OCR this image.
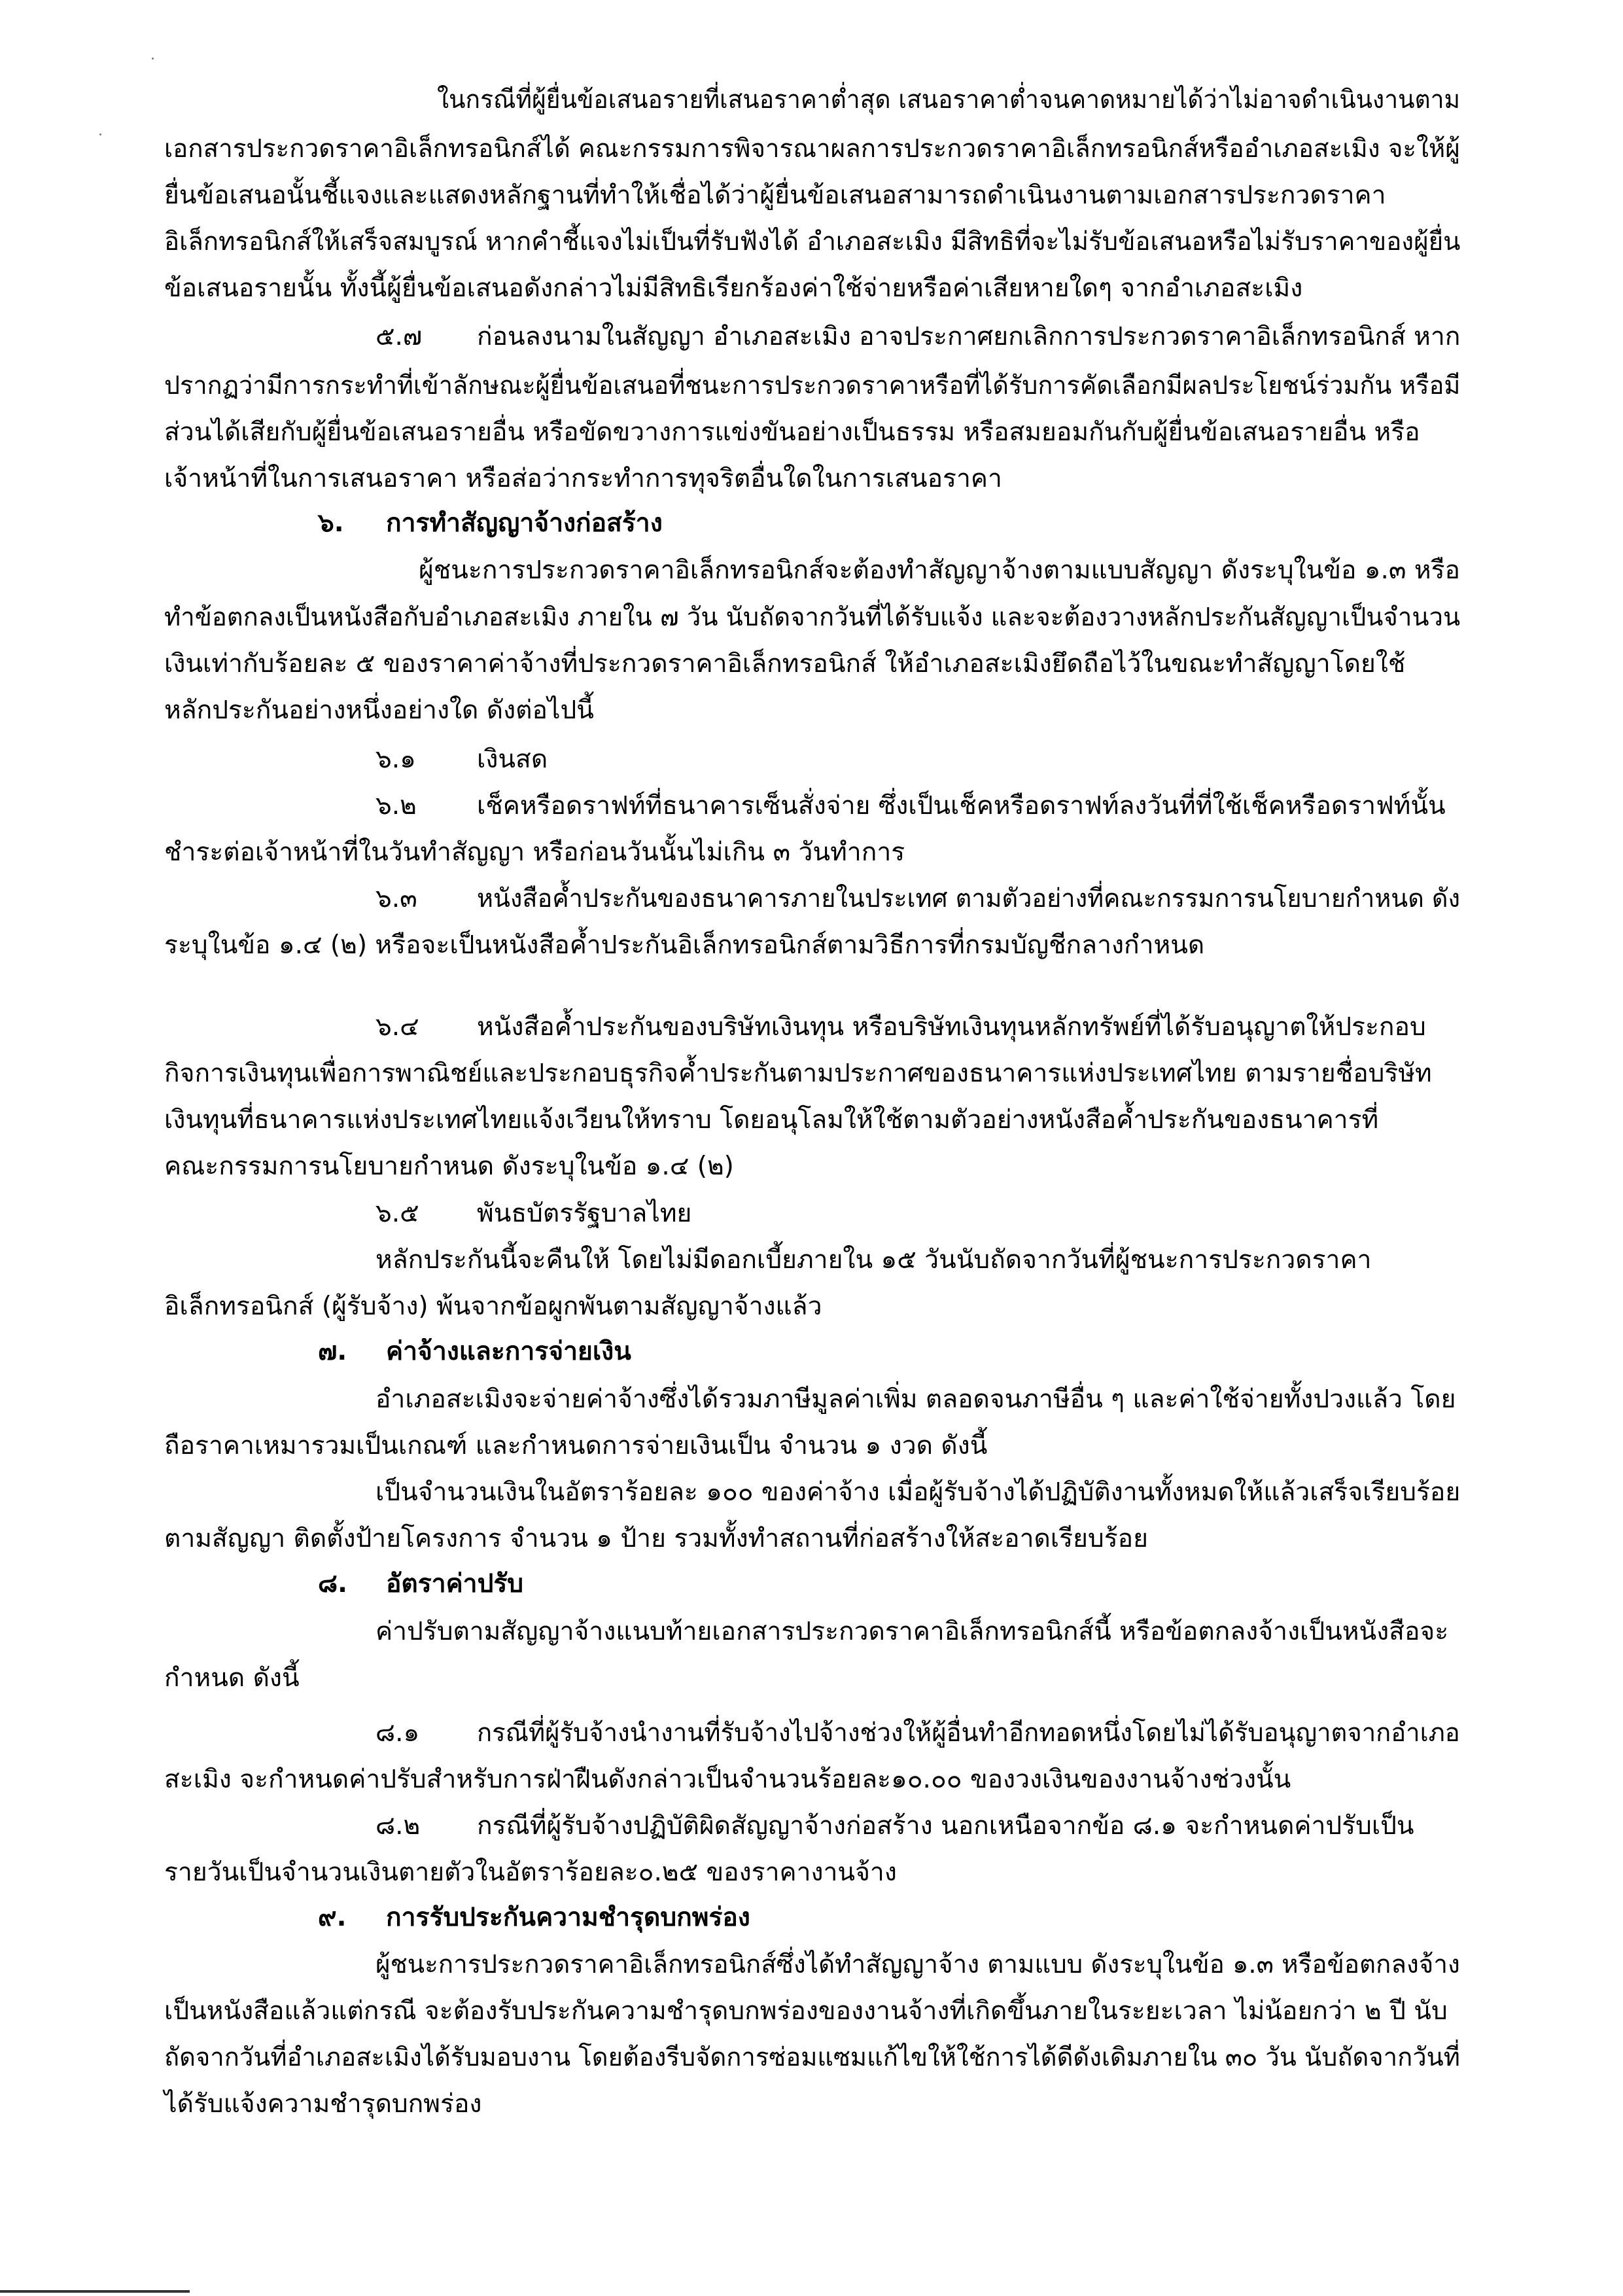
ในกรณีที่ผู้ยื่นข้อเสนอรายที่เสนอราคาต่ำสุด เสนอราคาต่ำจนคาดหมายได้ว่าไม่อาจดำเนินงานตาม
เอกสารประกวดราคาอิเล็กทรอนิกส์ได้ คณะกรรมการพิจารณาผลการประกวดราคาอิเล็กทรอนิกส์หรืออำเภอสะเมิง จะให้ผู้
ยื่นข้อเสนอนั้นชี้แจงและแสดงหลักฐานที่ทำให้เชื่อได้ว่าผู้ยื่นข้อเสนอสามารถดำเนินงานตามเอกสารประกวดราคา
อิเล็กทรอนิกส์ให้เสร็จสมบูรณ์ หากคำชี้แจงไม่เป็นที่รับฟังได้ อำเภอสะเมิง มีสิทธิที่จะไม่รับข้อเสนอหรือไม่รับราคาของผู้ยื่น
ข้อเสนอรายนั้น ทั้งนี้ผู้ยื่นข้อเสนอดังกล่าวไม่มีสิทธิเรียกร้องค่าใช้จ่ายหรือค่าเสียหายใดๆ จากอำเภอสะเมิง
๕.๗ ก่อนลงนามในสัญญา อำเภอสะเมิง อาจประกาศยกเลิกการประกวดราคาอิเล็กทรอนิกส์ หาก
ปรากฏว่ามีการกระทำที่เข้าลักษณะผู้ยื่นข้อเสนอที่ชนะการประกวดราคาหรือที่ได้รับการคัดเลือกมีผลประโยชน์ร่วมกัน หรือมี
ส่วนได้เสียกับผู้ยื่นข้อเสนอรายอื่น หรือขัดขวางการแข่งขันอย่างเป็นธรรม หรือสมยอมกันกับผู้ยื่นข้อเสนอรายอื่น หรือ
เจ้าหน้าที่ในการเสนอราคา หรือส่อว่ากระทำการทุจริตอื่นใดในการเสนอราคา
๖. การทำสัญญาจ้างก่อสร้าง
ผู้ชนะการประกวดราคาอิเล็กทรอนิกส์จะต้องทำสัญญาจ้างตามแบบสัญญา ดังระบุในข้อ ๑.๓ หรือ
ทำข้อตกลงเป็นหนังสือกับอำเภอสะเมิง ภายใน ๗ วัน นับถัดจากวันที่ได้รับแจ้ง และจะต้องวางหลักประกันสัญญาเป็นจำนวน
เงินเท่ากับร้อยละ ๕ ของราคาค่าจ้างที่ประกวดราคาอิเล็กทรอนิกส์ ให้อำเภอสะเมิงยึดถือไว้ในขณะทำสัญญาโดยใช้
หลักประกันอย่างหนึ่งอย่างใด ดังต่อไปนี้
๖.๑ เงินสด
๖.๒ เช็คหรือดราฟท์ที่ธนาคารเซ็นสั่งจ่าย ซึ่งเป็นเช็คหรือดราฟท์ลงวันที่ที่ใช้เช็คหรือดราฟท์นั้น
ชำระต่อเจ้าหน้าที่ในวันทำสัญญา หรือก่อนวันนั้นไม่เกิน ๓ วันทำการ
๖.๓ หนังสือค้ำประกันของธนาคารภายในประเทศ ตามตัวอย่างที่คณะกรรมการนโยบายกำหนด ดัง
ระบุในข้อ ๑.๔ (๒) หรือจะเป็นหนังสือค้ำประกันอิเล็กทรอนิกส์ตามวิธีการที่กรมบัญชีกลางกำหนด
๖.๔ หนังสือค้ำประกันของบริษัทเงินทุน หรือบริษัทเงินทุนหลักทรัพย์ที่ได้รับอนุญาตให้ประกอบ
กิจการเงินทุนเพื่อการพาณิชย์และประกอบธุรกิจค้ำประกันตามประกาศของธนาคารแห่งประเทศไทย ตามรายชื่อบริษัท
เงินทุนที่ธนาคารแห่งประเทศไทยแจ้งเวียนให้ทราบ โดยอนุโลมให้ใช้ตามตัวอย่างหนังสือค้ำประกันของธนาคารที่
คณะกรรมการนโยบายกำหนด ดังระบุในข้อ ๑.๔ (๒)
๖.๕ พันธบัตรรัฐบาลไทย
หลักประกันนี้จะคืนให้ โดยไม่มีดอกเบี้ยภายใน ๑๕ วันนับถัดจากวันที่ผู้ชนะการประกวดราคา
อิเล็กทรอนิกส์ (ผู้รับจ้าง) พ้นจากข้อผูกพันตามสัญญาจ้างแล้ว
๗. ค่าจ้างและการจ่ายเงิน
อำเภอสะเมิงจะจ่ายค่าจ้างซึ่งได้รวมภาษีมูลค่าเพิ่ม ตลอดจนภาษีอื่น ๆ และค่าใช้จ่ายทั้งปวงแล้ว โดย
ถือราคาเหมารวมเป็นเกณฑ์ และกำหนดการจ่ายเงินเป็น จำนวน ๑ งวด ดังนี้
เป็นจำนวนเงินในอัตราร้อยละ ๑๐๐ ของค่าจ้าง เมื่อผู้รับจ้างได้ปฏิบัติงานทั้งหมดให้แล้วเสร็จเรียบร้อย
ตามสัญญา ติดตั้งป้ายโครงการ จำนวน ๑ ป้าย รวมทั้งทำสถานที่ก่อสร้างให้สะอาดเรียบร้อย
๘. อัตราค่าปรับ
ค่าปรับตามสัญญาจ้างแนบท้ายเอกสารประกวดราคาอิเล็กทรอนิกส์นี้ หรือข้อตกลงจ้างเป็นหนังสือจะ
กำหนด ดังนี้
๘.๑ กรณีที่ผู้รับจ้างนำงานที่รับจ้างไปจ้างช่วงให้ผู้อื่นทำอีกทอดหนึ่งโดยไม่ได้รับอนุญาตจากอำเภอ
สะเมิง จะกำหนดค่าปรับสำหรับการฝ่าฝืนดังกล่าวเป็นจำนวนร้อยละ๑๐.๐๐ ของวงเงินของงานจ้างช่วงนั้น
๘.๒ กรณีที่ผู้รับจ้างปฏิบัติผิดสัญญาจ้างก่อสร้าง นอกเหนือจากข้อ ๘.๑ จะกำหนดค่าปรับเป็น
รายวันเป็นจำนวนเงินตายตัวในอัตราร้อยละ๐.๒๕ ของราคางานจ้าง
๙. การรับประกันความชำรุดบกพร่อง
ผู้ชนะการประกวดราคาอิเล็กทรอนิกส์ซึ่งได้ทำสัญญาจ้าง ตามแบบ ดังระบุในข้อ ๑.๓ หรือข้อตกลงจ้าง
เป็นหนังสือแล้วแต่กรณี จะต้องรับประกันความชำรุดบกพร่องของงานจ้างที่เกิดขึ้นภายในระยะเวลา ไม่น้อยกว่า ๒ ปี นับ
ถัดจากวันที่อำเภอสะเมิงได้รับมอบงาน โดยต้องรีบจัดการซ่อมแซมแก้ไขให้ใช้การได้ดีดังเดิมภายใน ๓๐ วัน นับถัดจากวันที่
ได้รับแจ้งความชำรุดบกพร่อง
